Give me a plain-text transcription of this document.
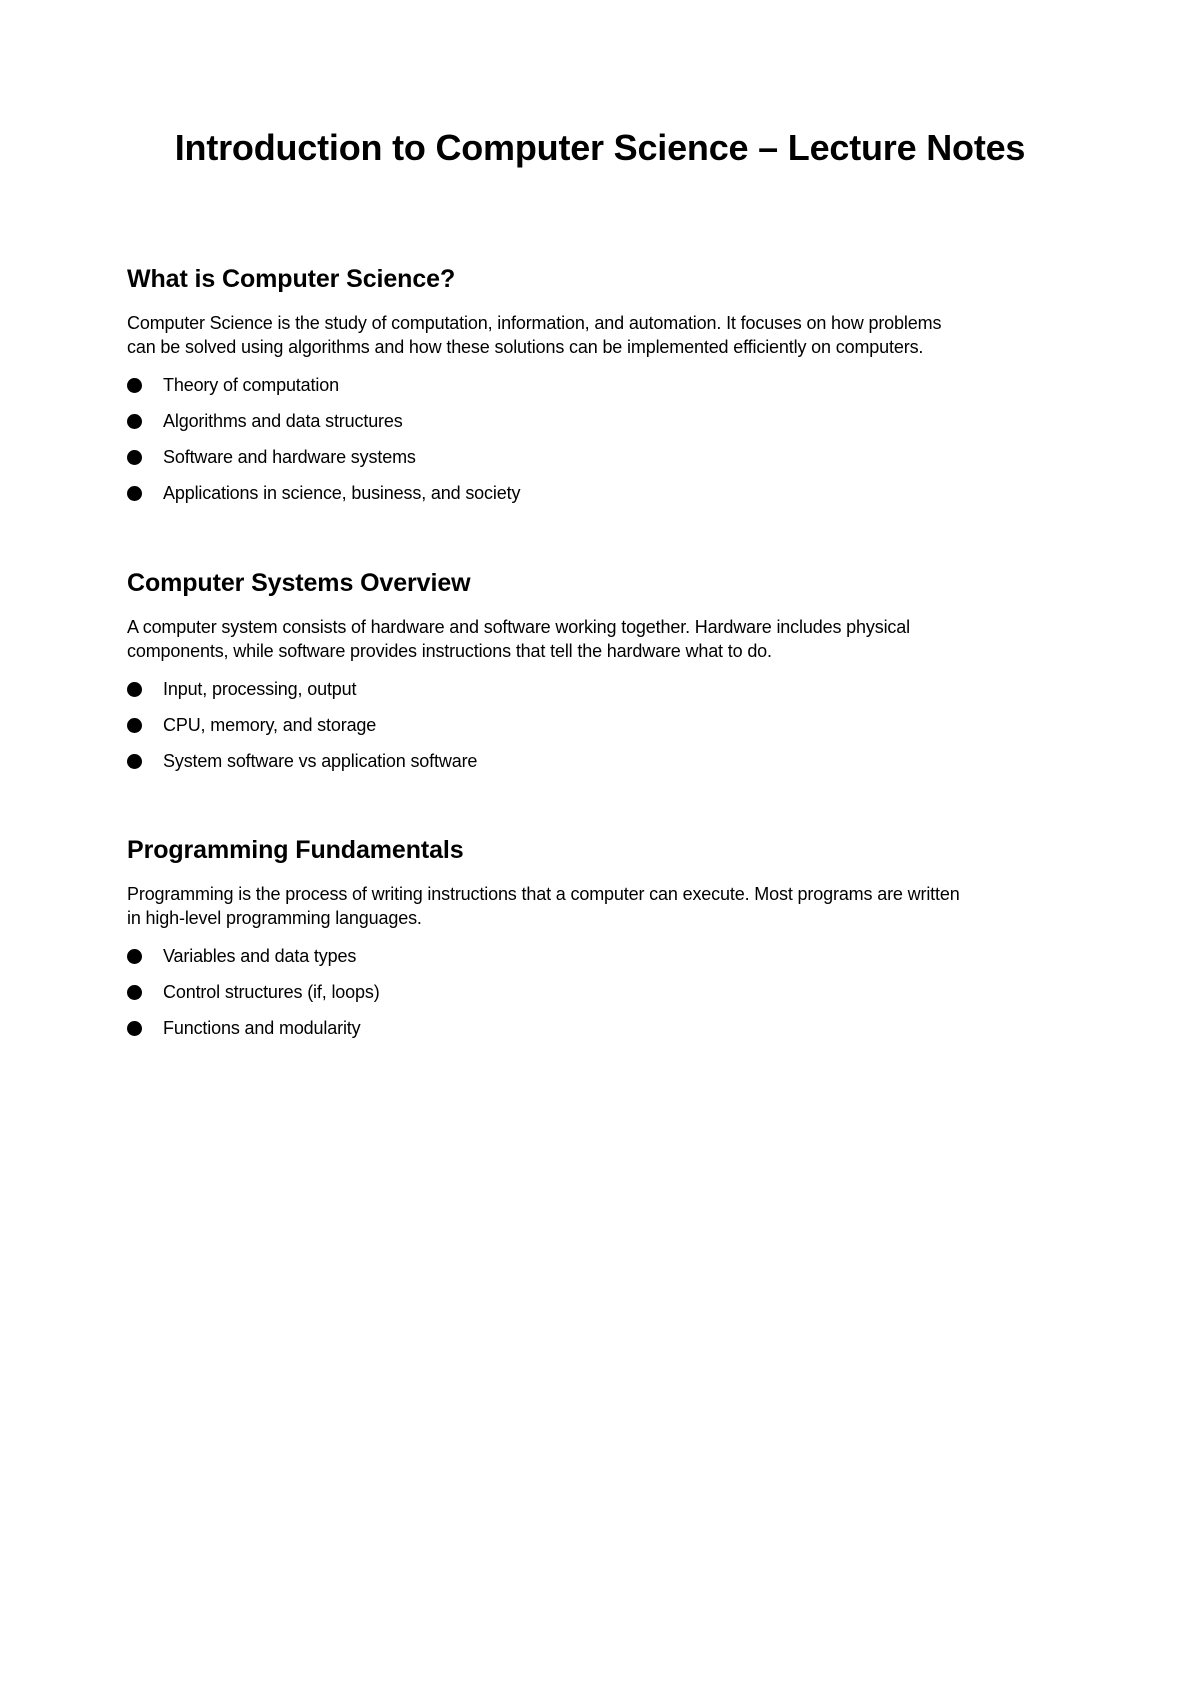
Introduction to Computer Science – Lecture Notes
What is Computer Science?

Computer Science is the study of computation, information, and automation. It focuses on how problems
can be solved using algorithms and how these solutions can be implemented efficiently on computers.

Theory of computation
Algorithms and data structures
Software and hardware systems
Applications in science, business, and society
Computer Systems Overview

A computer system consists of hardware and software working together. Hardware includes physical
components, while software provides instructions that tell the hardware what to do.

Input, processing, output
CPU, memory, and storage
System software vs application software
Programming Fundamentals

Programming is the process of writing instructions that a computer can execute. Most programs are written
in high-level programming languages.

Variables and data types
Control structures (if, loops)
Functions and modularity
